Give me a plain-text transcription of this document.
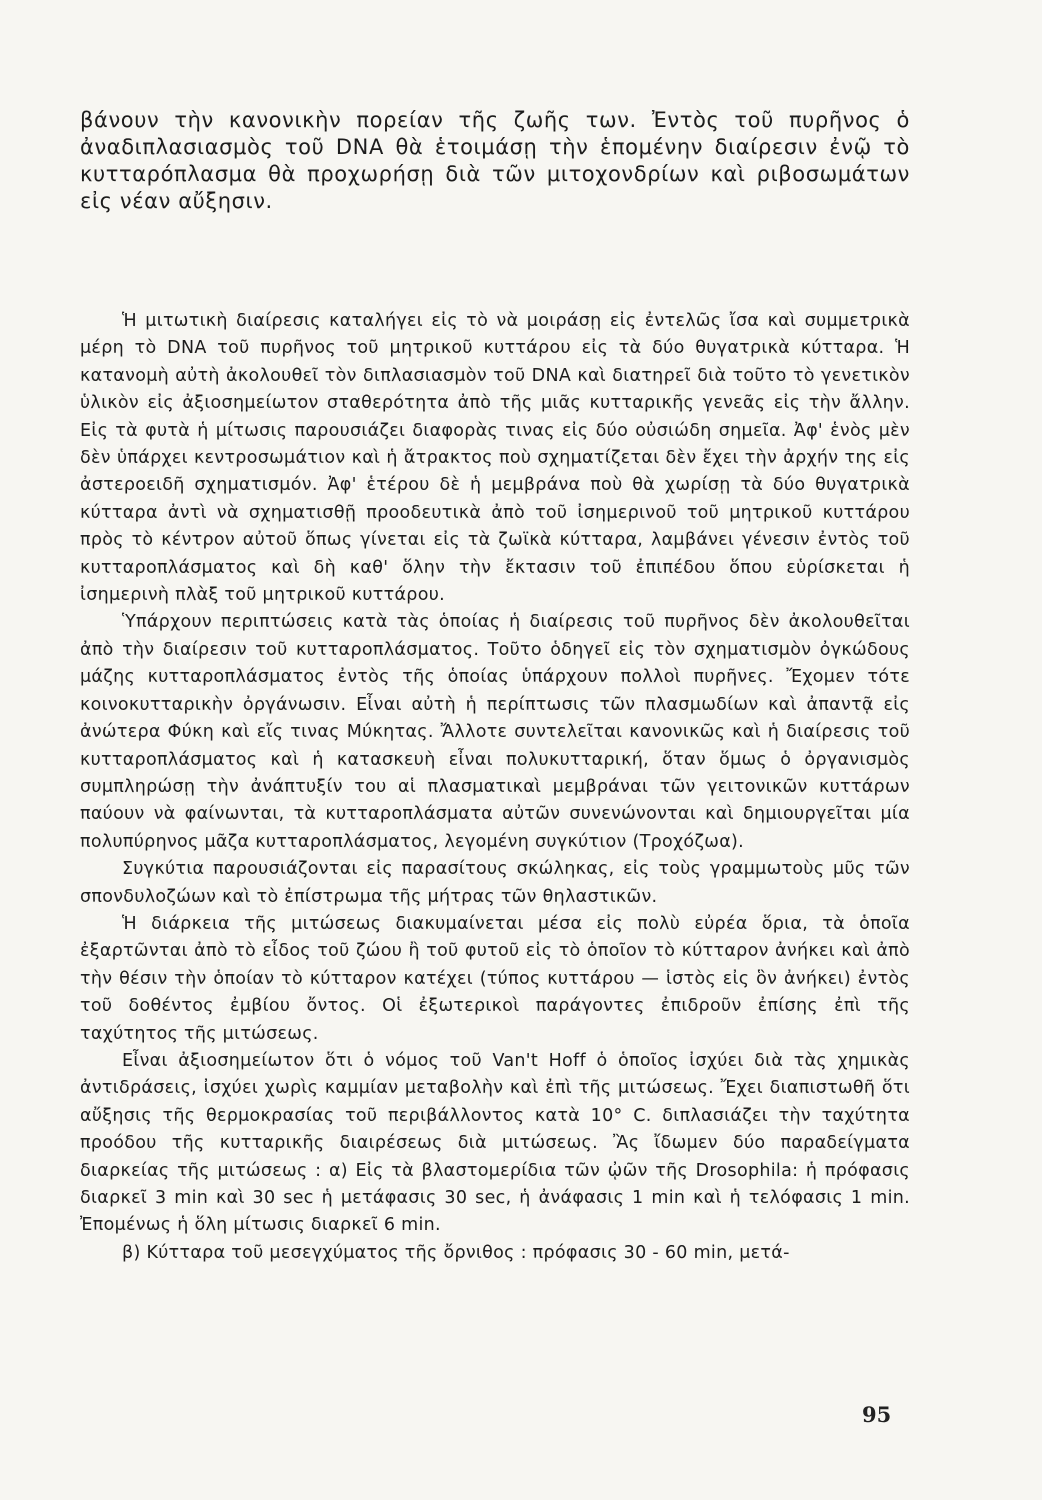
βάνουν τὴν κανονικὴν πορείαν τῆς ζωῆς των. Ἐντὸς τοῦ πυρῆνος ὁ ἀναδιπλασιασμὸς τοῦ DNA θὰ ἑτοιμάσῃ τὴν ἑπομένην διαίρεσιν ἐνῷ τὸ κυτταρόπλασμα θὰ προχωρήσῃ διὰ τῶν μιτοχονδρίων καὶ ριβοσωμάτων εἰς νέαν αὔξησιν.

Ἡ μιτωτικὴ διαίρεσις καταλήγει εἰς τὸ νὰ μοιράσῃ εἰς ἐντελῶς ἴσα καὶ συμμετρικὰ μέρη τὸ DNA τοῦ πυρῆνος τοῦ μητρικοῦ κυττάρου εἰς τὰ δύο θυγατρικὰ κύτταρα. Ἡ κατανομὴ αὐτὴ ἀκολουθεῖ τὸν διπλασιασμὸν τοῦ DNA καὶ διατηρεῖ διὰ τοῦτο τὸ γενετικὸν ὑλικὸν εἰς ἀξιοσημείωτον σταθερότητα ἀπὸ τῆς μιᾶς κυτταρικῆς γενεᾶς εἰς τὴν ἄλλην. Εἰς τὰ φυτὰ ἡ μίτωσις παρουσιάζει διαφορὰς τινας εἰς δύο οὐσιώδη σημεῖα. Ἀφ' ἑνὸς μὲν δὲν ὑπάρχει κεντροσωμάτιον καὶ ἡ ἄτρακτος ποὺ σχηματίζεται δὲν ἔχει τὴν ἀρχήν της εἰς ἀστεροειδῆ σχηματισμόν. Ἀφ' ἑτέρου δὲ ἡ μεμβράνα ποὺ θὰ χωρίσῃ τὰ δύο θυγατρικὰ κύτταρα ἀντὶ νὰ σχηματισθῇ προοδευτικὰ ἀπὸ τοῦ ἰσημερινοῦ τοῦ μητρικοῦ κυττάρου πρὸς τὸ κέντρον αὐτοῦ ὅπως γίνεται εἰς τὰ ζωϊκὰ κύτταρα, λαμβάνει γένεσιν ἐντὸς τοῦ κυτταροπλάσματος καὶ δὴ καθ' ὅλην τὴν ἔκτασιν τοῦ ἐπιπέδου ὅπου εὑρίσκεται ἡ ἰσημερινὴ πλὰξ τοῦ μητρικοῦ κυττάρου.

Ὑπάρχουν περιπτώσεις κατὰ τὰς ὁποίας ἡ διαίρεσις τοῦ πυρῆνος δὲν ἀκολουθεῖται ἀπὸ τὴν διαίρεσιν τοῦ κυτταροπλάσματος. Τοῦτο ὁδηγεῖ εἰς τὸν σχηματισμὸν ὀγκώδους μάζης κυτταροπλάσματος ἐντὸς τῆς ὁποίας ὑπάρχουν πολλοὶ πυρῆνες. Ἔχομεν τότε κοινοκυτταρικὴν ὀργάνωσιν. Εἶναι αὐτὴ ἡ περίπτωσις τῶν πλασμωδίων καὶ ἀπαντᾷ εἰς ἀνώτερα Φύκη καὶ εἴς τινας Μύκητας. Ἄλλοτε συντελεῖται κανονικῶς καὶ ἡ διαίρεσις τοῦ κυτταροπλάσματος καὶ ἡ κατασκευὴ εἶναι πολυκυτταρική, ὅταν ὅμως ὁ ὀργανισμὸς συμπληρώσῃ τὴν ἀνάπτυξίν του αἱ πλασματικαὶ μεμβράναι τῶν γειτονικῶν κυττάρων παύουν νὰ φαίνωνται, τὰ κυτταροπλάσματα αὐτῶν συνενώνονται καὶ δημιουργεῖται μία πολυπύρηνος μᾶζα κυτταροπλάσματος, λεγομένη συγκύτιον (Τροχόζωα).

Συγκύτια παρουσιάζονται εἰς παρασίτους σκώληκας, εἰς τοὺς γραμμωτοὺς μῦς τῶν σπονδυλοζώων καὶ τὸ ἐπίστρωμα τῆς μήτρας τῶν θηλαστικῶν.

Ἡ διάρκεια τῆς μιτώσεως διακυμαίνεται μέσα εἰς πολὺ εὐρέα ὅρια, τὰ ὁποῖα ἐξαρτῶνται ἀπὸ τὸ εἶδος τοῦ ζώου ἢ τοῦ φυτοῦ εἰς τὸ ὁποῖον τὸ κύτταρον ἀνήκει καὶ ἀπὸ τὴν θέσιν τὴν ὁποίαν τὸ κύτταρον κατέχει (τύπος κυττάρου — ἱστὸς εἰς ὃν ἀνήκει) ἐντὸς τοῦ δοθέντος ἐμβίου ὄντος. Οἱ ἐξωτερικοὶ παράγοντες ἐπιδροῦν ἐπίσης ἐπὶ τῆς ταχύτητος τῆς μιτώσεως.

Εἶναι ἀξιοσημείωτον ὅτι ὁ νόμος τοῦ Van't Hoff ὁ ὁποῖος ἰσχύει διὰ τὰς χημικὰς ἀντιδράσεις, ἰσχύει χωρὶς καμμίαν μεταβολὴν καὶ ἐπὶ τῆς μιτώσεως. Ἔχει διαπιστωθῆ ὅτι αὔξησις τῆς θερμοκρασίας τοῦ περιβάλλοντος κατὰ 10° C. διπλασιάζει τὴν ταχύτητα προόδου τῆς κυτταρικῆς διαιρέσεως διὰ μιτώσεως. Ἂς ἴδωμεν δύο παραδείγματα διαρκείας τῆς μιτώσεως : α) Εἰς τὰ βλαστομερίδια τῶν ᾠῶν τῆς Drosophila: ἡ πρόφασις διαρκεῖ 3 min καὶ 30 sec ἡ μετάφασις 30 sec, ἡ ἀνάφασις 1 min καὶ ἡ τελόφασις 1 min. Ἐπομένως ἡ ὅλη μίτωσις διαρκεῖ 6 min.

β) Κύτταρα τοῦ μεσεγχύματος τῆς ὄρνιθος : πρόφασις 30 - 60 min, μετά-

95
